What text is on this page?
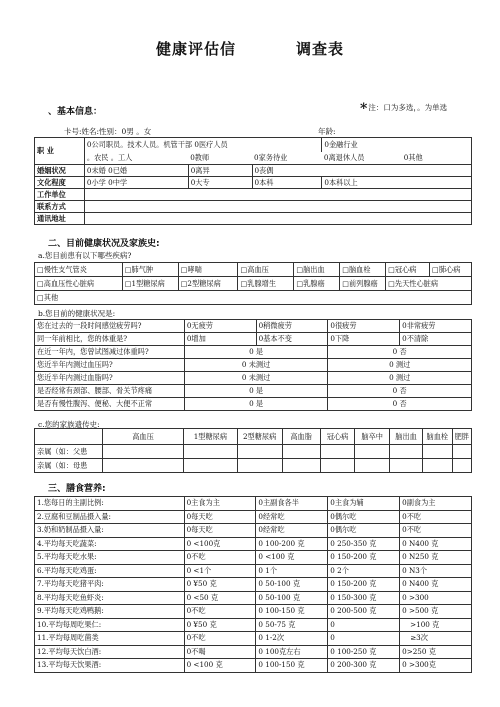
健康评估信	调查表
、基本信息：	*注：口为多选，。为单选
卡号:姓名:性别：0男 。女	年龄:
职 业	0公司职员。技术人员。机管干部 0医疗人员			0金融行业	
	。农民 。工人	0教师	0家务待业	0离退休人员	0其他
婚姻状况	0未婚 0已婚	0离异	0丧偶		
文化程度	0小学 0中学	0大专	0本科	0本科以上	
工作单位					
联系方式					
通讯地址					
二、目前健康状况及家族史:
a.您目前患有以下哪些疾病?
□慢性支气管炎	□肺气肿	□哮喘	□高血压	□脑出血	□脑血栓	□冠心病	□肺心病
□高血压性心脏病	□1型糖尿病	□2型糖尿病	□乳腺增生	□乳腺癌	□前列腺癌	□先天性心脏病	
□其他							
b.您目前的健康状况是:
您在过去的一段时间感觉疲劳吗?	0无疲劳	0稍微疲劳	0很疲劳	0非常疲劳
同一年前相比，您的体重是?	0增加	0基本不变	0下降	0不清除
在近一年内，您曾试图减过体重吗?	0 是		0 否	
您近半年内测过血压吗?	0 未测过		0 测过	
您近半年内测过血脂吗?	0 未测过		0 测过	
是否经常有颈部、腰部、骨关节疼痛	0 是		0 否	
是否有慢性腹泻、便秘、大便不正常	0 是		0 否	
c.您的家族遗传史:
	高血压	1型糖尿病	2型糖尿病	高血脂	冠心病	脑卒中	脑出血	脑血栓	肥胖
亲属（如：父患									
亲属（如：母患									
三、膳食营养:
1.您每日的主副比例:	0主食为主	0主副食各半	0主食为辅	0副食为主
2.豆腐和豆制品摄入量:	0每天吃	0经常吃	0偶尔吃	0不吃
3.奶和奶制品摄入量:	0每天吃	0经常吃	0偶尔吃	0不吃
4.平均每天吃蔬菜:	0 <100克	0 100-200 克	0 250-350 克	0 N400 克
5.平均每天吃水果:	0不吃	0 <100 克	0 150-200 克	0 N250 克
6.平均每天吃鸡蛋:	0 <1个	0 1个	0 2个	0 N3个
7.平均每天吃猪平肉:	0 ¥50 克	0 50-100 克	0 150-200 克	0 N400 克
8.平均每天吃鱼虾炎:	0 <50 克	0 50-100 克	0 150-300 克	0 >300
9.平均每天吃鸡鸭鹅:	0不吃	0 100-150 克	0 200-500 克	0 >500 克
10.平均每周吃果仁:	0 ¥50 克	0 50-75 克	0	>100 克
11.平均每周吃菌类	0不吃	0 1-2次	0	≥3次
12.平均每天饮白酒:	0不喝	0 100克左右	0 100-250 克	0>250 克
13.平均每天饮果酒:	0 <100 克	0 100-150 克	0 200-300 克	0 >300克
